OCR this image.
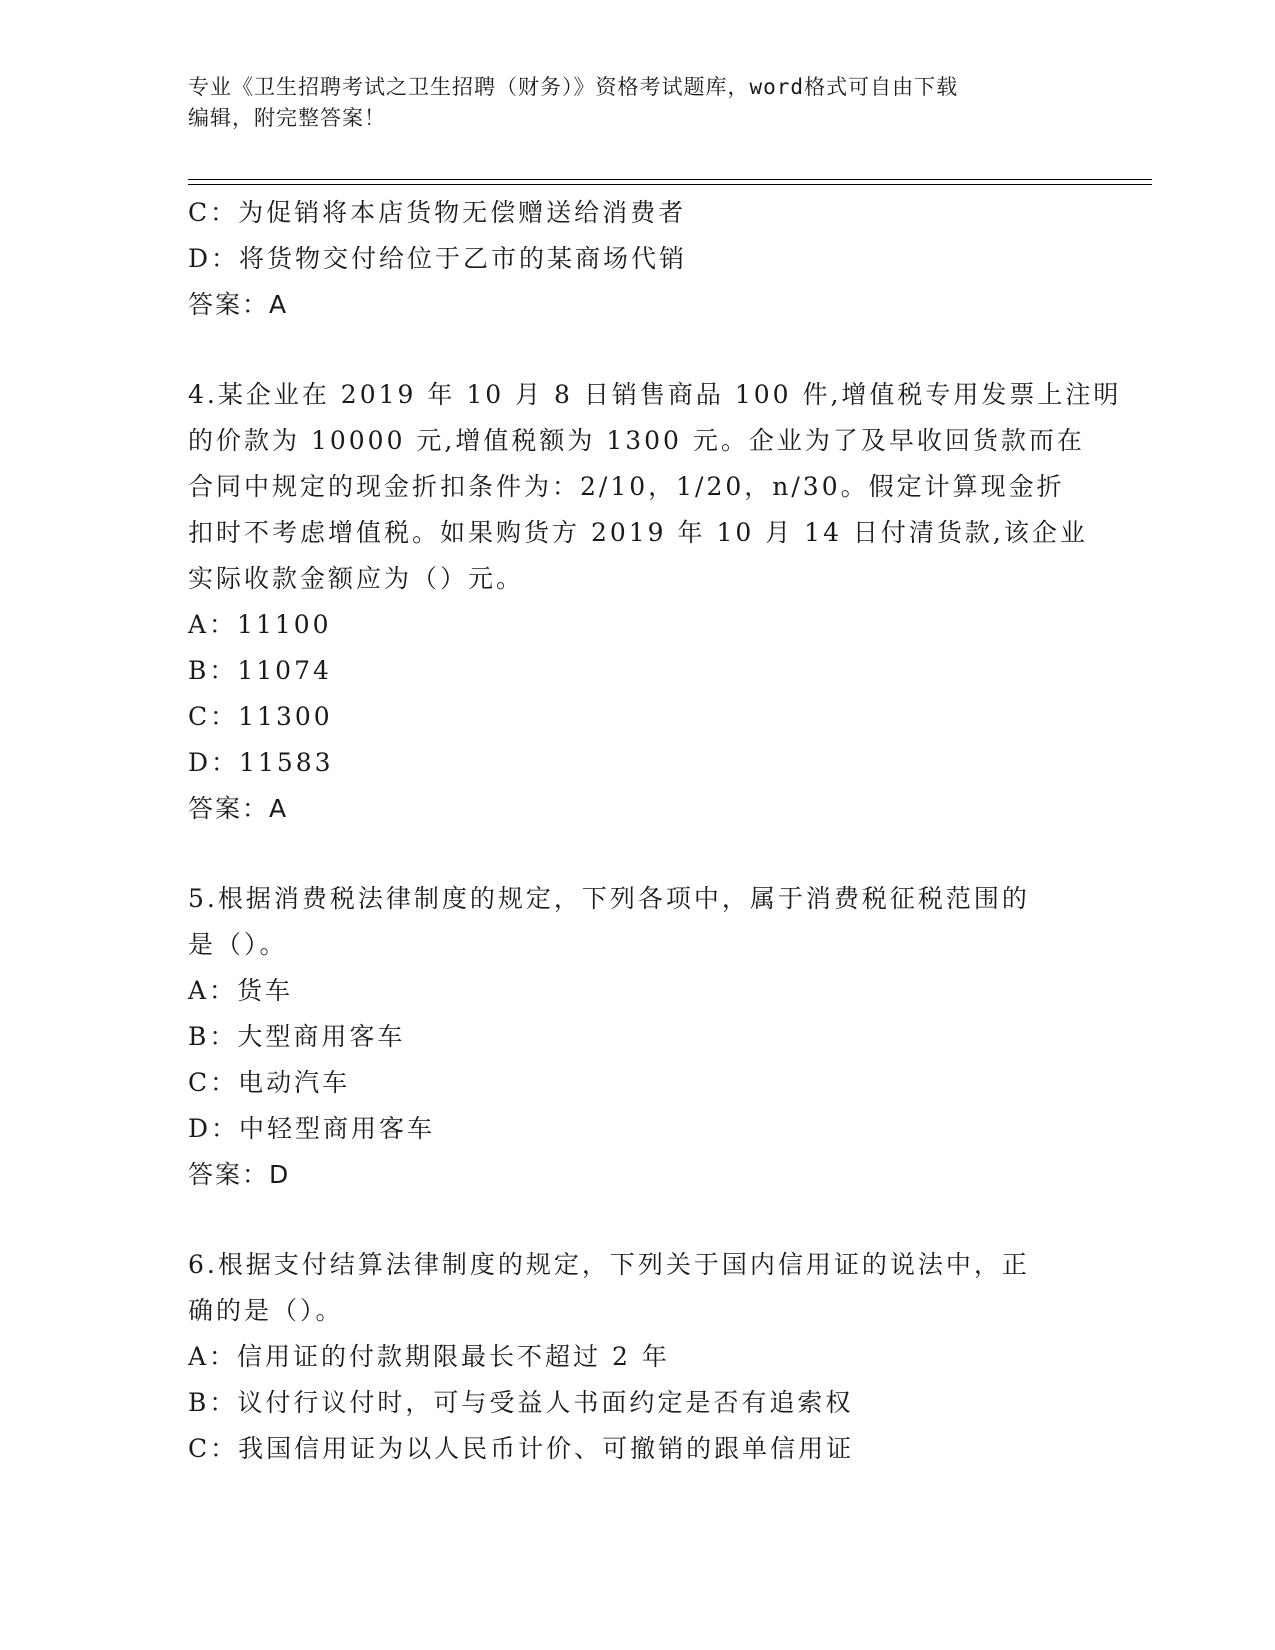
专业《卫生招聘考试之卫生招聘（财务）》资格考试题库，word格式可自由下载
编辑，附完整答案！
C：为促销将本店货物无偿赠送给消费者
D：将货物交付给位于乙市的某商场代销
答案：A
4.某企业在 2019 年 10 月 8 日销售商品 100 件,增值税专用发票上注明
的价款为 10000 元,增值税额为 1300 元。企业为了及早收回货款而在
合同中规定的现金折扣条件为：2/10，1/20，n/30。假定计算现金折
扣时不考虑增值税。如果购货方 2019 年 10 月 14 日付清货款,该企业
实际收款金额应为（）元。
A：11100
B：11074
C：11300
D：11583
答案：A
5.根据消费税法律制度的规定，下列各项中，属于消费税征税范围的
是（）。
A：货车
B：大型商用客车
C：电动汽车
D：中轻型商用客车
答案：D
6.根据支付结算法律制度的规定，下列关于国内信用证的说法中，正
确的是（）。
A：信用证的付款期限最长不超过 2 年
B：议付行议付时，可与受益人书面约定是否有追索权
C：我国信用证为以人民币计价、可撤销的跟单信用证
